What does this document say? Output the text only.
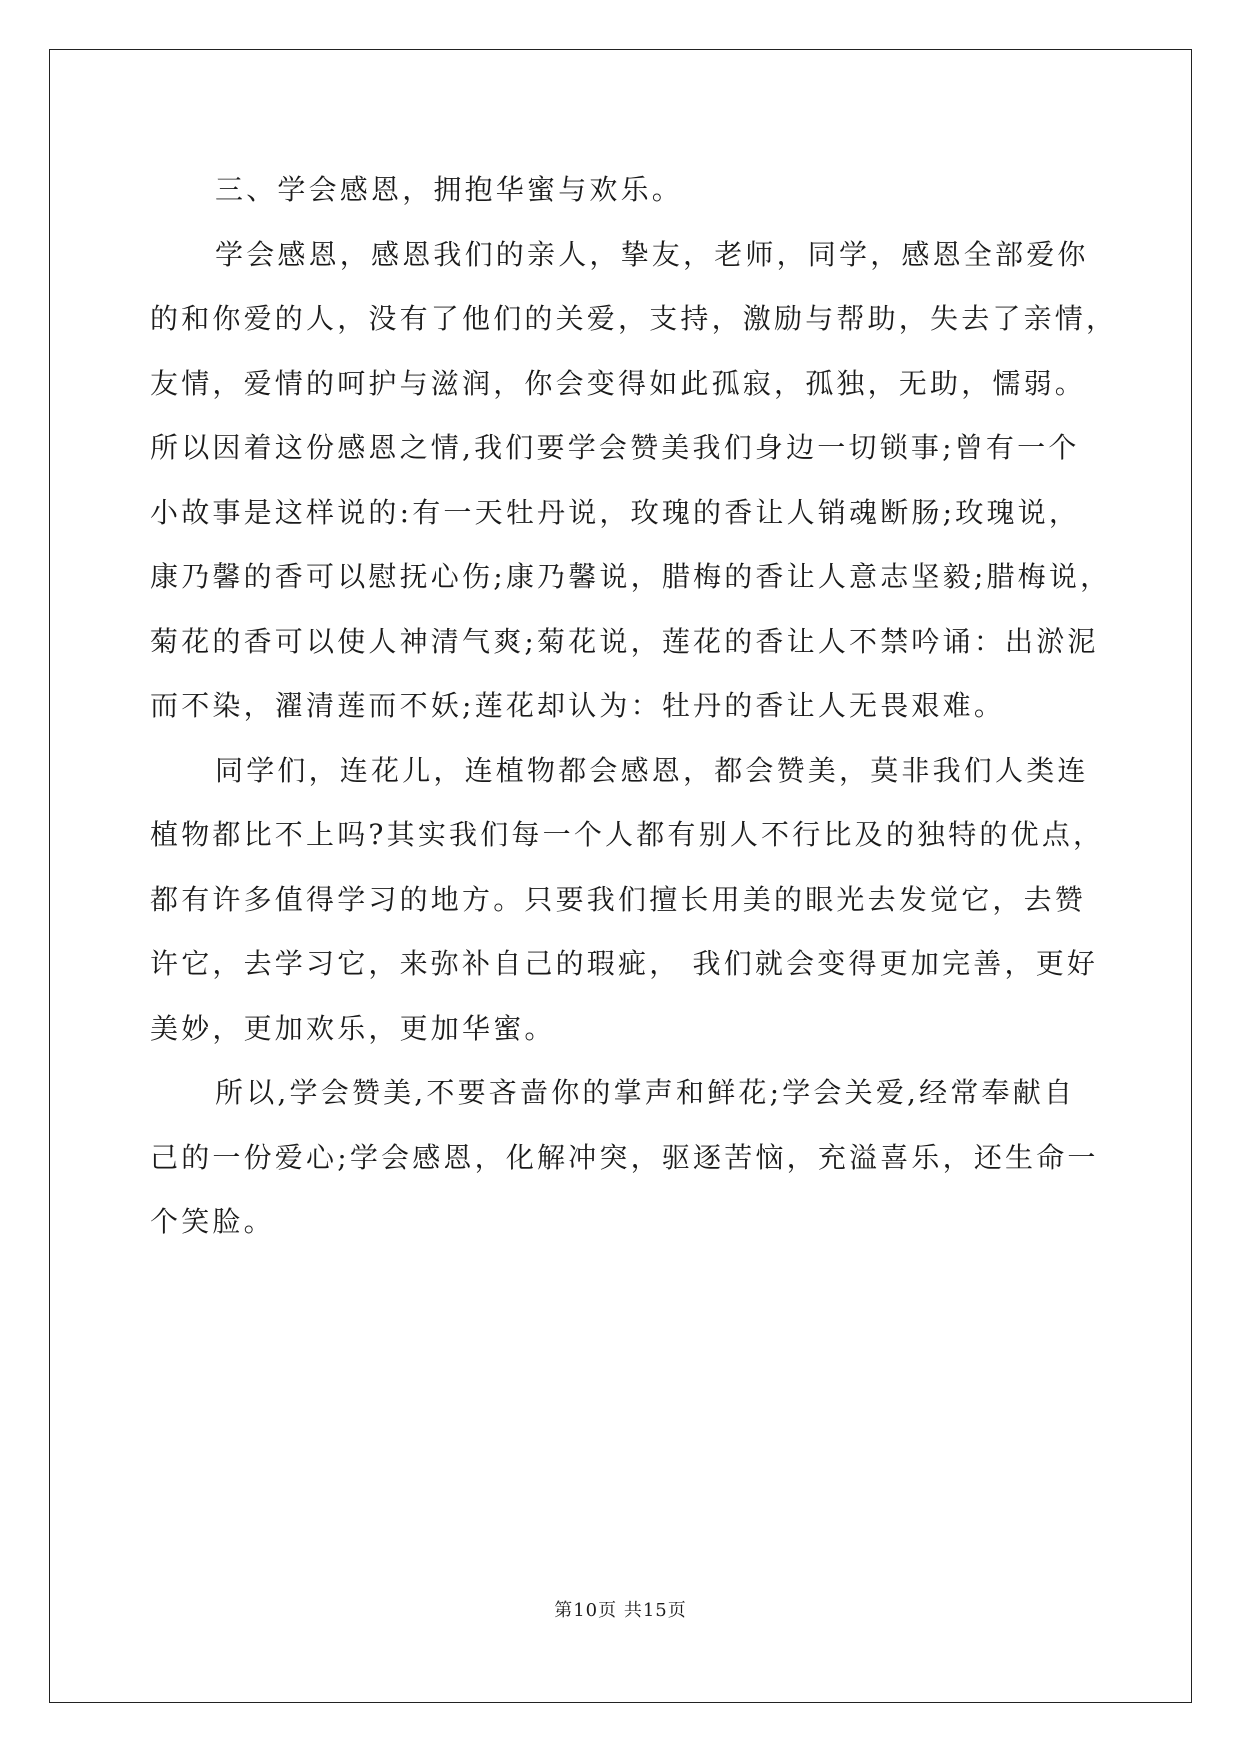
三、学会感恩，拥抱华蜜与欢乐。
学会感恩，感恩我们的亲人，挚友，老师，同学，感恩全部爱你
的和你爱的人，没有了他们的关爱，支持，激励与帮助，失去了亲情，
友情，爱情的呵护与滋润，你会变得如此孤寂，孤独，无助，懦弱。
所以因着这份感恩之情,我们要学会赞美我们身边一切锁事;曾有一个
小故事是这样说的:有一天牡丹说，玫瑰的香让人销魂断肠;玫瑰说，
康乃馨的香可以慰抚心伤;康乃馨说，腊梅的香让人意志坚毅;腊梅说，
菊花的香可以使人神清气爽;菊花说，莲花的香让人不禁吟诵：出淤泥
而不染，濯清莲而不妖;莲花却认为：牡丹的香让人无畏艰难。
同学们，连花儿，连植物都会感恩，都会赞美，莫非我们人类连
植物都比不上吗?其实我们每一个人都有别人不行比及的独特的优点，
都有许多值得学习的地方。只要我们擅长用美的眼光去发觉它，去赞
许它，去学习它，来弥补自己的瑕疵， 我们就会变得更加完善，更好
美妙，更加欢乐，更加华蜜。
所以,学会赞美,不要吝啬你的掌声和鲜花;学会关爱,经常奉献自
己的一份爱心;学会感恩，化解冲突，驱逐苦恼，充溢喜乐，还生命一
个笑脸。
第10页 共15页
